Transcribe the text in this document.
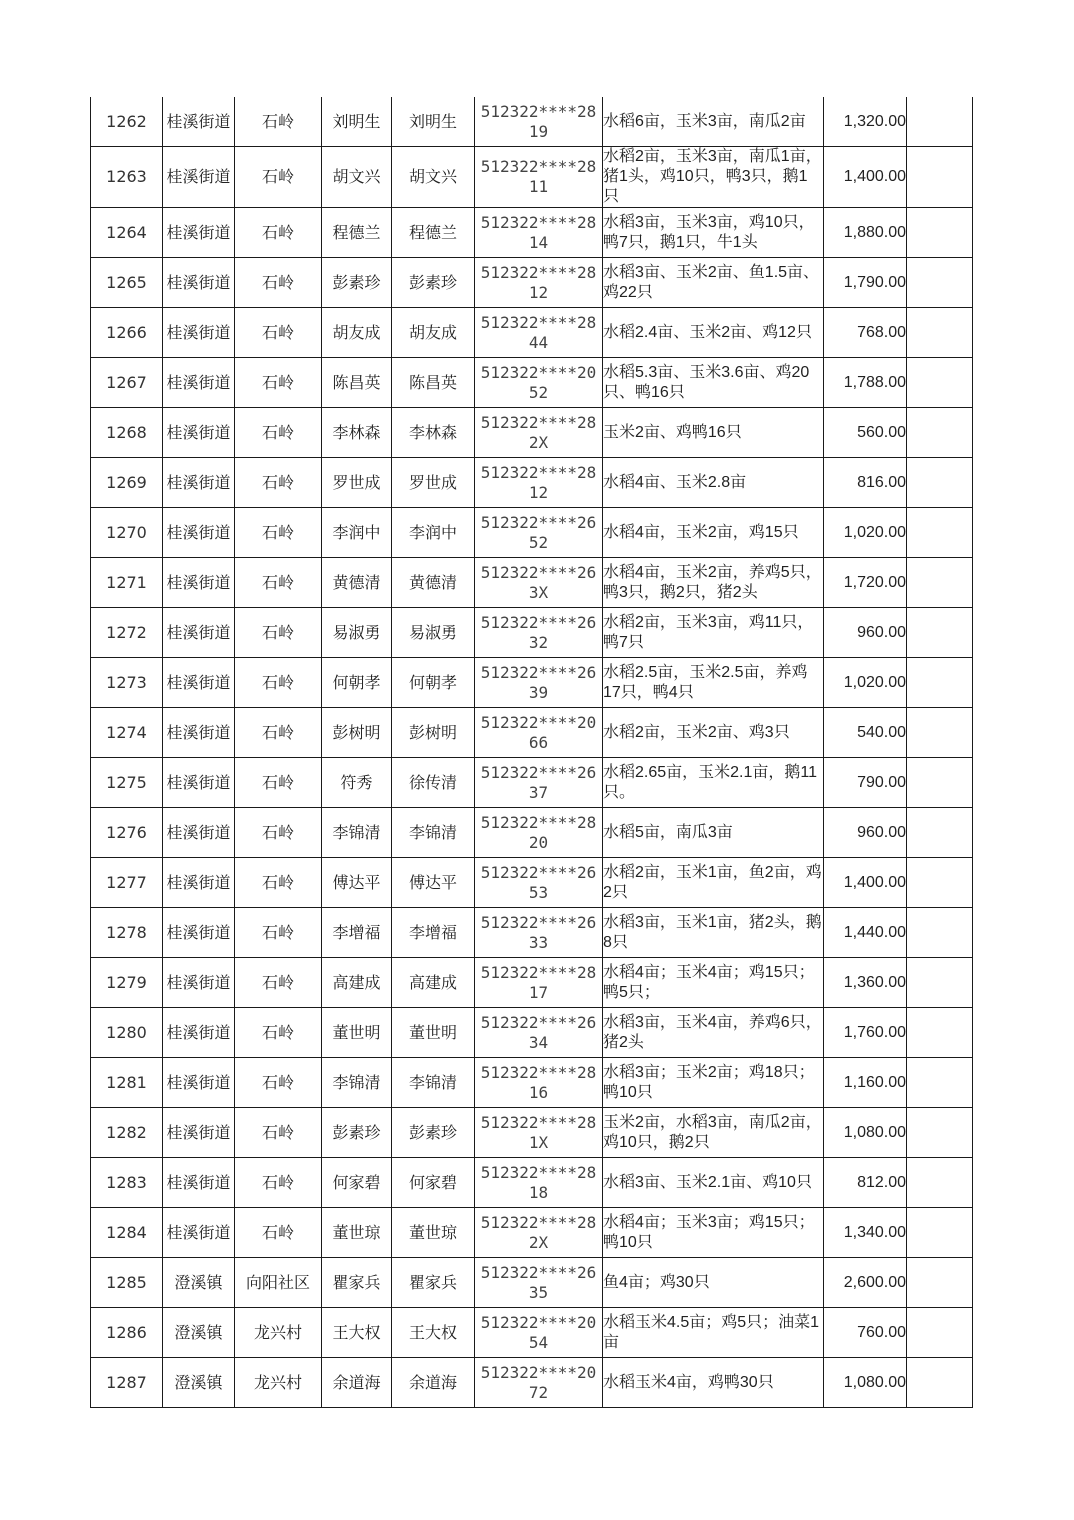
1262	桂溪街道	石岭	刘明生	刘明生	512322****2819	水稻6亩，玉米3亩，南瓜2亩	1,320.00	
1263	桂溪街道	石岭	胡文兴	胡文兴	512322****2811	水稻2亩，玉米3亩，南瓜1亩，猪1头，鸡10只，鸭3只，鹅1只	1,400.00	
1264	桂溪街道	石岭	程德兰	程德兰	512322****2814	水稻3亩，玉米3亩，鸡10只，鸭7只，鹅1只，牛1头	1,880.00	
1265	桂溪街道	石岭	彭素珍	彭素珍	512322****2812	水稻3亩、玉米2亩、鱼1.5亩、鸡22只	1,790.00	
1266	桂溪街道	石岭	胡友成	胡友成	512322****2844	水稻2.4亩、玉米2亩、鸡12只	768.00	
1267	桂溪街道	石岭	陈昌英	陈昌英	512322****2052	水稻5.3亩、玉米3.6亩、鸡20只、鸭16只	1,788.00	
1268	桂溪街道	石岭	李林森	李林森	512322****282X	玉米2亩、鸡鸭16只	560.00	
1269	桂溪街道	石岭	罗世成	罗世成	512322****2812	水稻4亩、玉米2.8亩	816.00	
1270	桂溪街道	石岭	李润中	李润中	512322****2652	水稻4亩，玉米2亩，鸡15只	1,020.00	
1271	桂溪街道	石岭	黄德清	黄德清	512322****263X	水稻4亩，玉米2亩，养鸡5只，鸭3只，鹅2只，猪2头	1,720.00	
1272	桂溪街道	石岭	易淑勇	易淑勇	512322****2632	水稻2亩，玉米3亩，鸡11只，鸭7只	960.00	
1273	桂溪街道	石岭	何朝孝	何朝孝	512322****2639	水稻2.5亩，玉米2.5亩，养鸡17只，鸭4只	1,020.00	
1274	桂溪街道	石岭	彭树明	彭树明	512322****2066	水稻2亩，玉米2亩、鸡3只	540.00	
1275	桂溪街道	石岭	符秀	徐传清	512322****2637	水稻2.65亩，玉米2.1亩，鹅11只。	790.00	
1276	桂溪街道	石岭	李锦清	李锦清	512322****2820	水稻5亩，南瓜3亩	960.00	
1277	桂溪街道	石岭	傅达平	傅达平	512322****2653	水稻2亩，玉米1亩，鱼2亩，鸡2只	1,400.00	
1278	桂溪街道	石岭	李增福	李增福	512322****2633	水稻3亩，玉米1亩，猪2头，鹅8只	1,440.00	
1279	桂溪街道	石岭	高建成	高建成	512322****2817	水稻4亩；玉米4亩；鸡15只；鸭5只；	1,360.00	
1280	桂溪街道	石岭	董世明	董世明	512322****2634	水稻3亩，玉米4亩，养鸡6只，猪2头	1,760.00	
1281	桂溪街道	石岭	李锦清	李锦清	512322****2816	水稻3亩；玉米2亩；鸡18只；鸭10只	1,160.00	
1282	桂溪街道	石岭	彭素珍	彭素珍	512322****281X	玉米2亩，水稻3亩，南瓜2亩，鸡10只，鹅2只	1,080.00	
1283	桂溪街道	石岭	何家碧	何家碧	512322****2818	水稻3亩、玉米2.1亩、鸡10只	812.00	
1284	桂溪街道	石岭	董世琼	董世琼	512322****282X	水稻4亩；玉米3亩；鸡15只；鸭10只	1,340.00	
1285	澄溪镇	向阳社区	瞿家兵	瞿家兵	512322****2635	鱼4亩；鸡30只	2,600.00	
1286	澄溪镇	龙兴村	王大权	王大权	512322****2054	水稻玉米4.5亩；鸡5只；油菜1亩	760.00	
1287	澄溪镇	龙兴村	余道海	余道海	512322****2072	水稻玉米4亩，鸡鸭30只	1,080.00	
